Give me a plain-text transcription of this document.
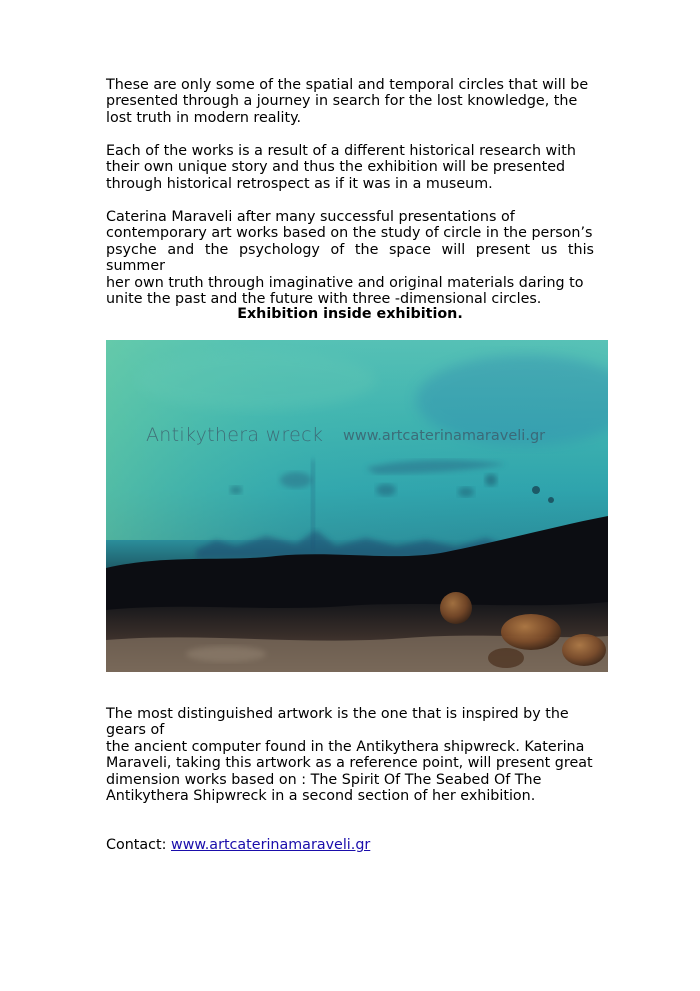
These are only some of the spatial and temporal circles that will be
presented through a journey in search for the lost knowledge, the
lost truth in modern reality.

Each of the works is a result of a different historical research with
their own unique story and thus the exhibition will be presented
through historical retrospect as if it was in a museum.

Caterina Maraveli after many successful presentations of
contemporary art works based on the study of circle in the person’s
psyche and the psychology of the space will present us this summer
her own truth through imaginative and original materials daring to
unite the past and the future with three -dimensional circles.

Exhibition inside exhibition.

Antikythera wreck www.artcaterinamaraveli.gr

The most distinguished artwork is the one that is inspired by the
gears of
the ancient computer found in the Antikythera shipwreck. Katerina
Maraveli, taking this artwork as a reference point, will present great
dimension works based on : The Spirit Of The Seabed Of The
Antikythera Shipwreck in a second section of her exhibition.

Contact: www.artcaterinamaraveli.gr
